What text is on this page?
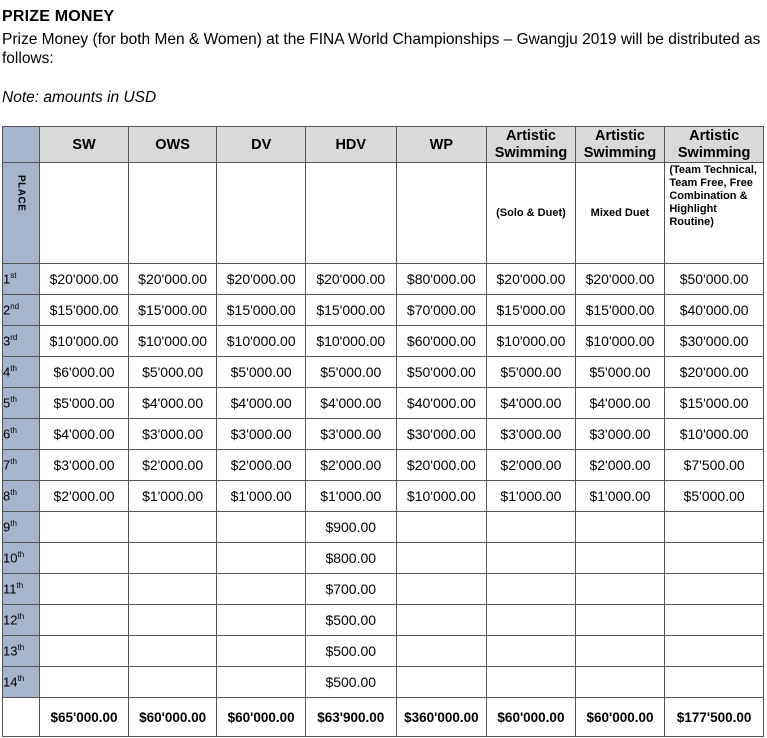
PRIZE MONEY
Prize Money (for both Men & Women) at the FINA World Championships – Gwangju 2019 will be distributed as follows:
Note: amounts in USD
	SW	OWS	DV	HDV	WP	Artistic Swimming	Artistic Swimming	Artistic Swimming

PLACE						(Solo & Duet)	Mixed Duet	(Team Technical, Team Free, Free Combination & Highlight Routine)
1st	$20'000.00	$20'000.00	$20'000.00	$20'000.00	$80'000.00	$20'000.00	$20'000.00	$50'000.00
2nd	$15'000.00	$15'000.00	$15'000.00	$15'000.00	$70'000.00	$15'000.00	$15'000.00	$40'000.00
3rd	$10'000.00	$10'000.00	$10'000.00	$10'000.00	$60'000.00	$10'000.00	$10'000.00	$30'000.00
4th	$6'000.00	$5'000.00	$5'000.00	$5'000.00	$50'000.00	$5'000.00	$5'000.00	$20'000.00
5th	$5'000.00	$4'000.00	$4'000.00	$4'000.00	$40'000.00	$4'000.00	$4'000.00	$15'000.00
6th	$4'000.00	$3'000.00	$3'000.00	$3'000.00	$30'000.00	$3'000.00	$3'000.00	$10'000.00
7th	$3'000.00	$2'000.00	$2'000.00	$2'000.00	$20'000.00	$2'000.00	$2'000.00	$7'500.00
8th	$2'000.00	$1'000.00	$1'000.00	$1'000.00	$10'000.00	$1'000.00	$1'000.00	$5'000.00
9th				$900.00				
10th				$800.00				
11th				$700.00				
12th				$500.00				
13th				$500.00				
14th				$500.00				
	$65'000.00	$60'000.00	$60'000.00	$63'900.00	$360'000.00	$60'000.00	$60'000.00	$177'500.00
